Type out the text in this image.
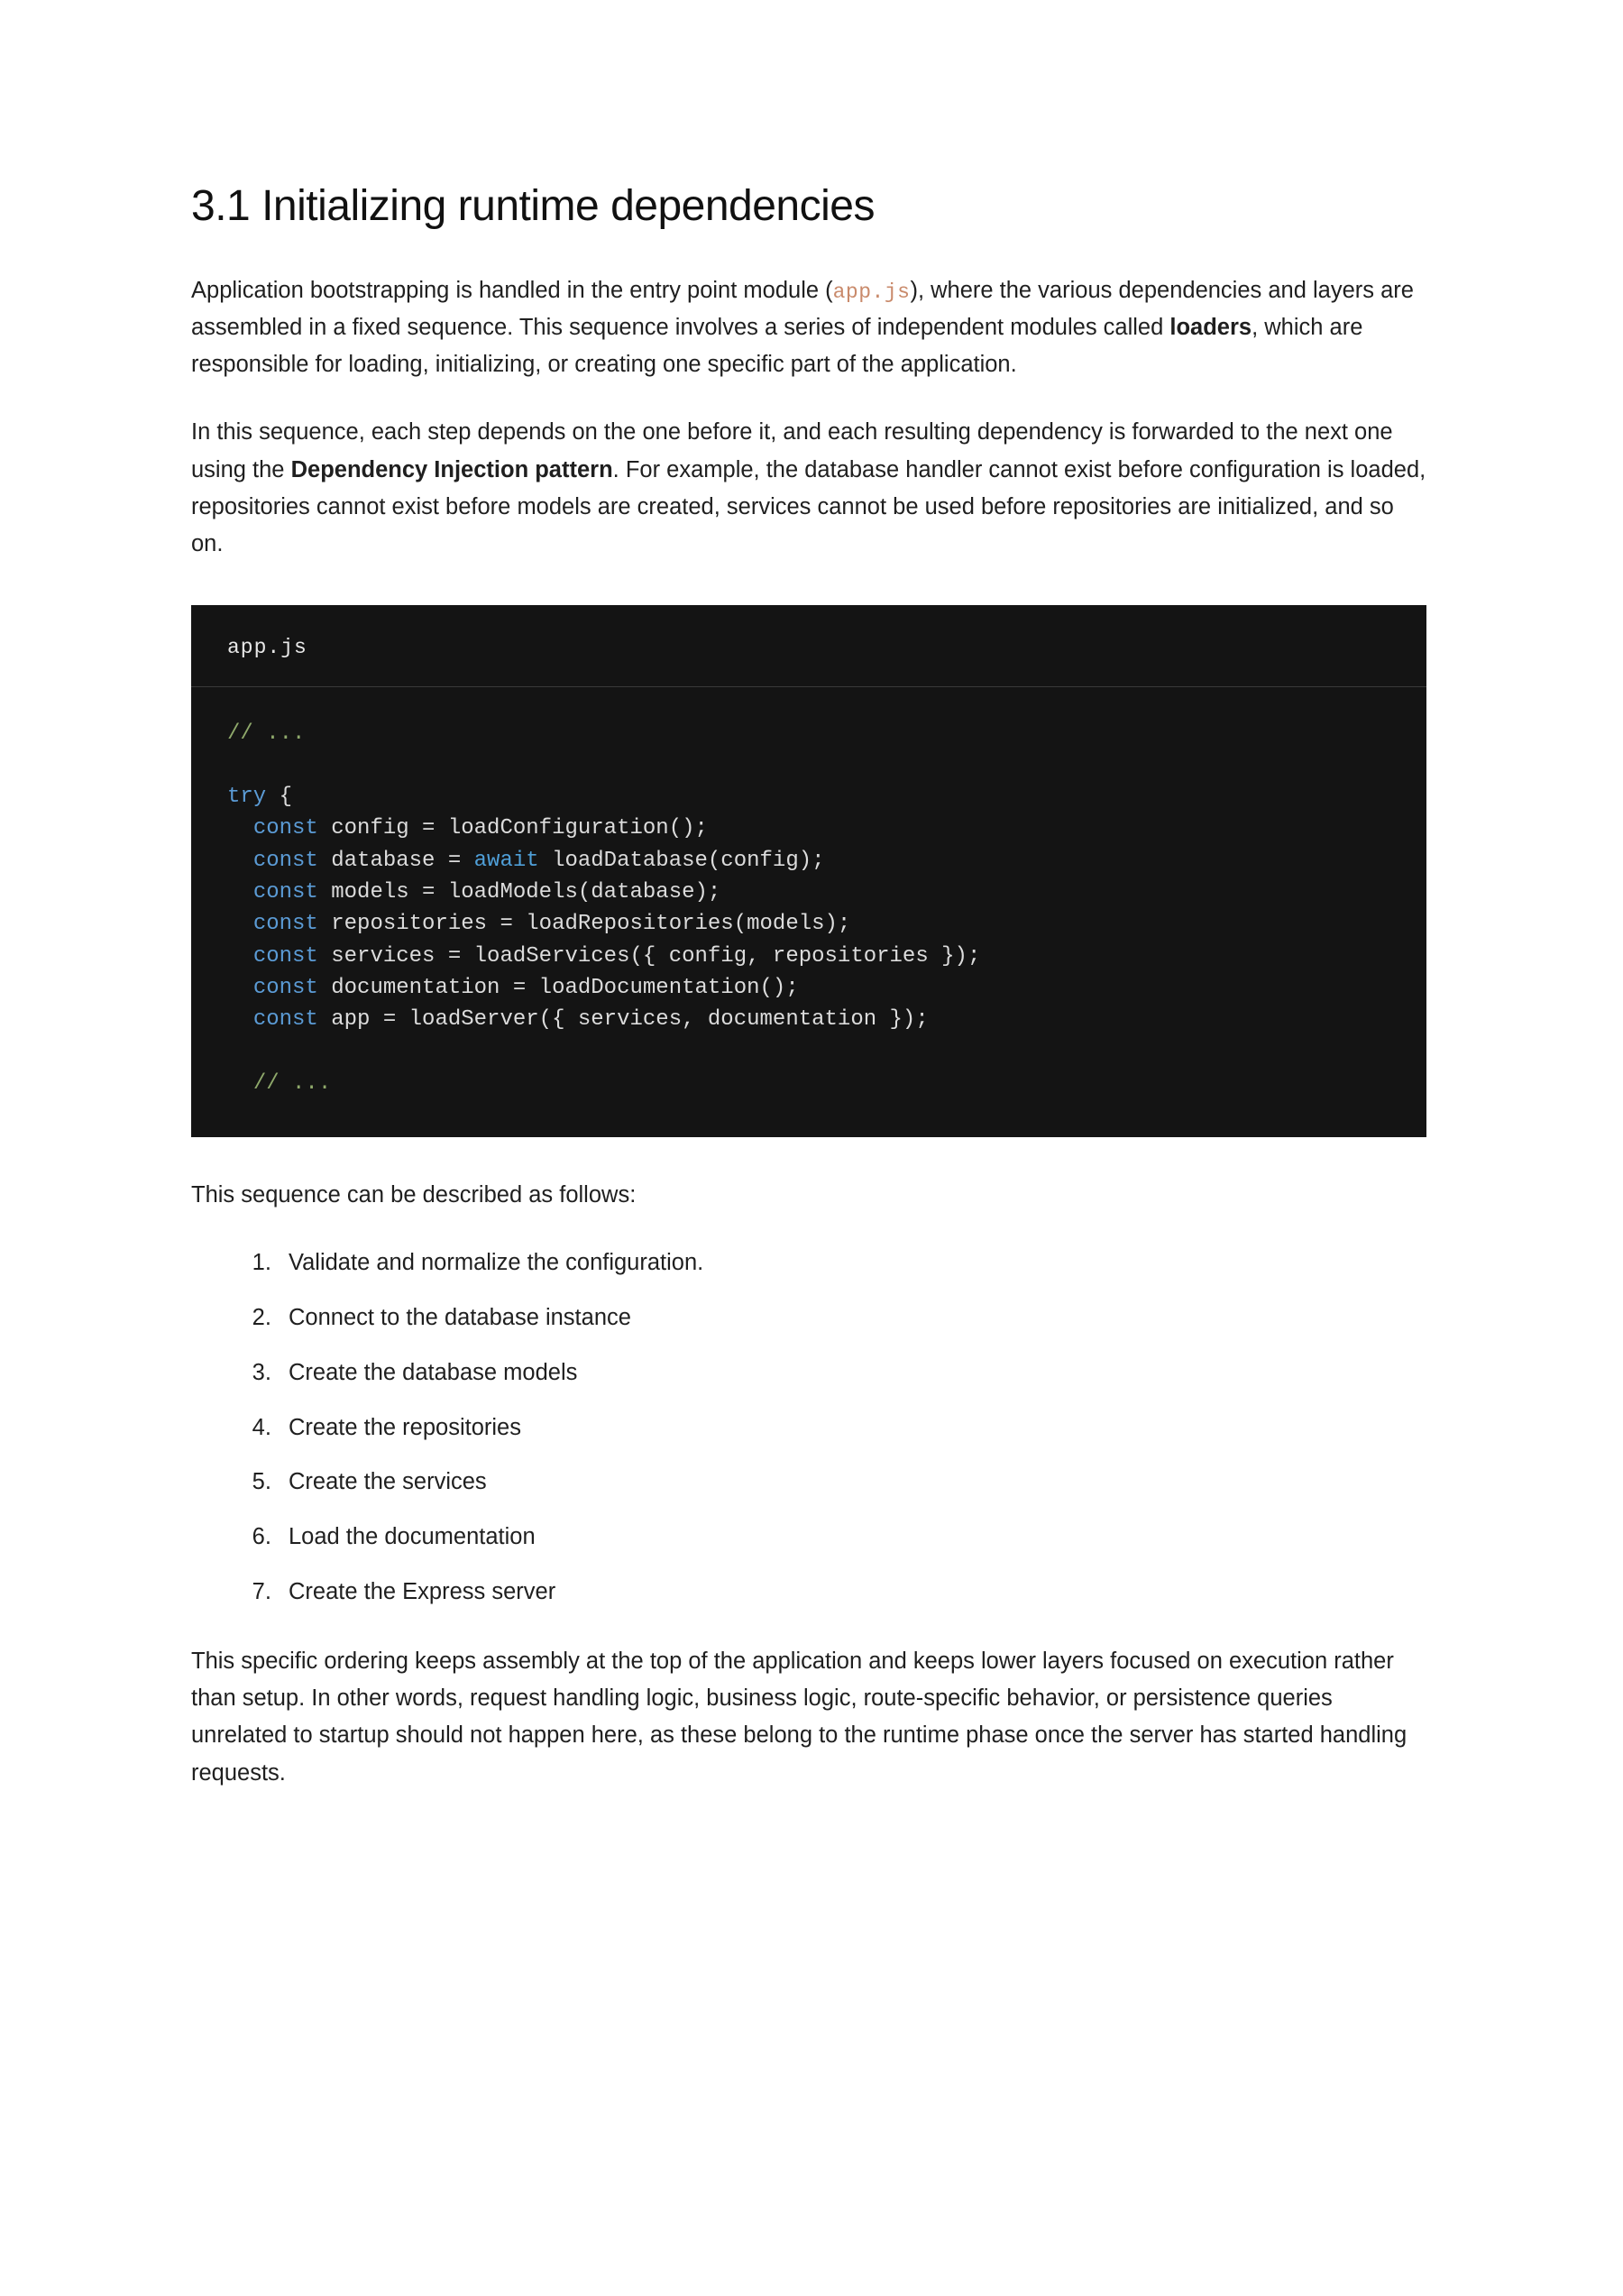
3.1 Initializing runtime dependencies

Application bootstrapping is handled in the entry point module (app.js), where the various dependencies and layers are assembled in a fixed sequence. This sequence involves a series of independent modules called loaders, which are responsible for loading, initializing, or creating one specific part of the application.

In this sequence, each step depends on the one before it, and each resulting dependency is forwarded to the next one using the Dependency Injection pattern. For example, the database handler cannot exist before configuration is loaded, repositories cannot exist before models are created, services cannot be used before repositories are initialized, and so on.

app.js
// ...

try {
const config = loadConfiguration();
const database = await loadDatabase(config);
const models = loadModels(database);
const repositories = loadRepositories(models);
const services = loadServices({ config, repositories });
const documentation = loadDocumentation();
const app = loadServer({ services, documentation });

// ...

This sequence can be described as follows:

1. Validate and normalize the configuration.
2. Connect to the database instance
3. Create the database models
4. Create the repositories
5. Create the services
6. Load the documentation
7. Create the Express server

This specific ordering keeps assembly at the top of the application and keeps lower layers focused on execution rather than setup. In other words, request handling logic, business logic, route-specific behavior, or persistence queries unrelated to startup should not happen here, as these belong to the runtime phase once the server has started handling requests.
